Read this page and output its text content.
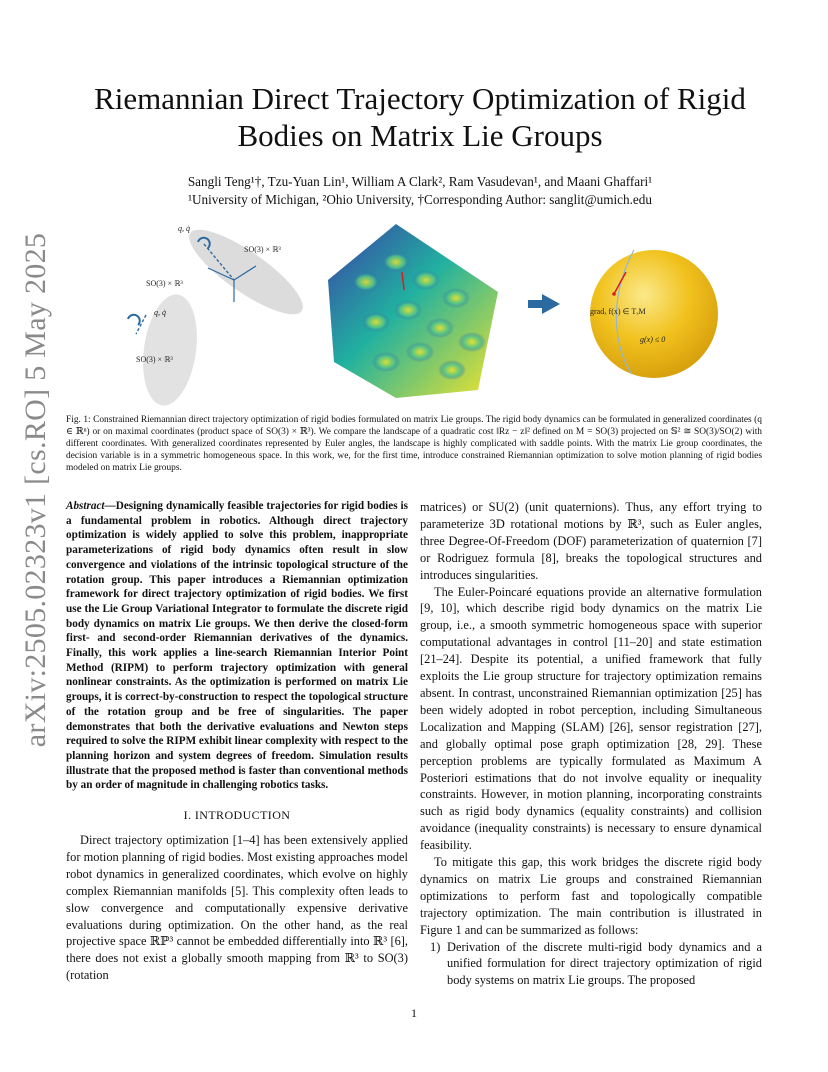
arXiv:2505.02323v1 [cs.RO] 5 May 2025
Riemannian Direct Trajectory Optimization of Rigid Bodies on Matrix Lie Groups
Sangli Teng¹†, Tzu-Yuan Lin¹, William A Clark², Ram Vasudevan¹, and Maani Ghaffari¹
¹University of Michigan, ²Ohio University, †Corresponding Author: sanglit@umich.edu
q, q̇
SO(3) × ℝ³
SO(3) × ℝ³
q, q̇
SO(3) × ℝ³
gradₓ f(x) ∈ TₓM
g(x) ≤ 0
Fig. 1: Constrained Riemannian direct trajectory optimization of rigid bodies formulated on matrix Lie groups. The rigid body dynamics can be formulated in generalized coordinates (q ∈ ℝⁿ) or on maximal coordinates (product space of SO(3) × ℝ³). We compare the landscape of a quadratic cost ‖Rz − z‖² defined on M = SO(3) projected on 𝕊² ≅ SO(3)/SO(2) with different coordinates. With generalized coordinates represented by Euler angles, the landscape is highly complicated with saddle points. With the matrix Lie group coordinates, the decision variable is in a symmetric homogeneous space. In this work, we, for the first time, introduce constrained Riemannian optimization to solve motion planning of rigid bodies modeled on matrix Lie groups.

Abstract—Designing dynamically feasible trajectories for rigid bodies is a fundamental problem in robotics. Although direct trajectory optimization is widely applied to solve this problem, inappropriate parameterizations of rigid body dynamics often result in slow convergence and violations of the intrinsic topological structure of the rotation group. This paper introduces a Riemannian optimization framework for direct trajectory optimization of rigid bodies. We first use the Lie Group Variational Integrator to formulate the discrete rigid body dynamics on matrix Lie groups. We then derive the closed-form first- and second-order Riemannian derivatives of the dynamics. Finally, this work applies a line-search Riemannian Interior Point Method (RIPM) to perform trajectory optimization with general nonlinear constraints. As the optimization is performed on matrix Lie groups, it is correct-by-construction to respect the topological structure of the rotation group and be free of singularities. The paper demonstrates that both the derivative evaluations and Newton steps required to solve the RIPM exhibit linear complexity with respect to the planning horizon and system degrees of freedom. Simulation results illustrate that the proposed method is faster than conventional methods by an order of magnitude in challenging robotics tasks.

I. INTRODUCTION

Direct trajectory optimization [1–4] has been extensively applied for motion planning of rigid bodies. Most existing approaches model robot dynamics in generalized coordinates, which evolve on highly complex Riemannian manifolds [5]. This complexity often leads to slow convergence and computationally expensive derivative evaluations during optimization. On the other hand, as the real projective space ℝℙ³ cannot be embedded differentially into ℝ³ [6], there does not exist a globally smooth mapping from ℝ³ to SO(3) (rotation

matrices) or SU(2) (unit quaternions). Thus, any effort trying to parameterize 3D rotational motions by ℝ³, such as Euler angles, three Degree-Of-Freedom (DOF) parameterization of quaternion [7] or Rodriguez formula [8], breaks the topological structures and introduces singularities.

The Euler-Poincaré equations provide an alternative formulation [9, 10], which describe rigid body dynamics on the matrix Lie group, i.e., a smooth symmetric homogeneous space with superior computational advantages in control [11–20] and state estimation [21–24]. Despite its potential, a unified framework that fully exploits the Lie group structure for trajectory optimization remains absent. In contrast, unconstrained Riemannian optimization [25] has been widely adopted in robot perception, including Simultaneous Localization and Mapping (SLAM) [26], sensor registration [27], and globally optimal pose graph optimization [28, 29]. These perception problems are typically formulated as Maximum A Posteriori estimations that do not involve equality or inequality constraints. However, in motion planning, incorporating constraints such as rigid body dynamics (equality constraints) and collision avoidance (inequality constraints) is necessary to ensure dynamical feasibility.

To mitigate this gap, this work bridges the discrete rigid body dynamics on matrix Lie groups and constrained Riemannian optimizations to perform fast and topologically compatible trajectory optimization. The main contribution is illustrated in Figure 1 and can be summarized as follows:

1) Derivation of the discrete multi-rigid body dynamics and a unified formulation for direct trajectory optimization of rigid body systems on matrix Lie groups. The proposed
1
